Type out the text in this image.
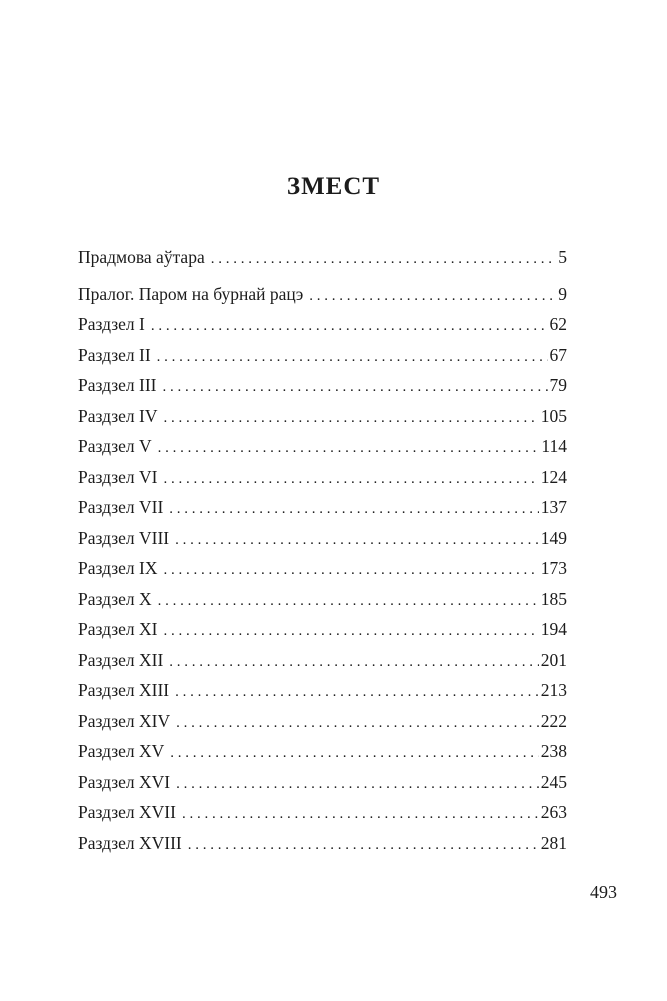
ЗМЕСТ
Прадмова аўтара . . .	5
Пралог. Паром на бурнай рацэ . . .	9
Раздзел I . . .	62
Раздзел II . . .	67
Раздзел III . . .	79
Раздзел IV . . .	105
Раздзел V . . .	114
Раздзел VI . . .	124
Раздзел VII . . .	137
Раздзел VIII . . .	149
Раздзел IX . . .	173
Раздзел X . . .	185
Раздзел XI . . .	194
Раздзел XII . . .	201
Раздзел XIII . . .	213
Раздзел XIV . . .	222
Раздзел XV . . .	238
Раздзел XVI . . .	245
Раздзел XVII . . .	263
Раздзел XVIII . . .	281
493
